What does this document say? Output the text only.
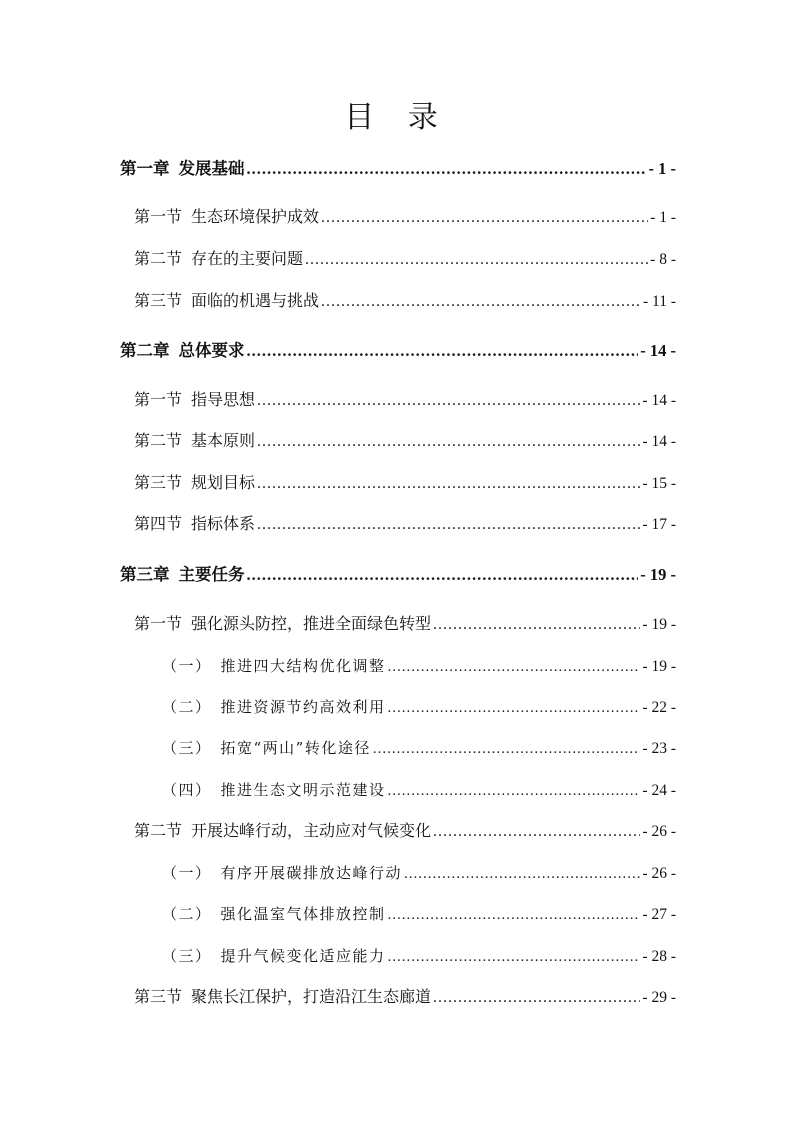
目 录
第一章 发展基础 .....	- 1 -
第一节 生态环境保护成效 .....	- 1 -
第二节 存在的主要问题 .....	- 8 -
第三节 面临的机遇与挑战 .....	- 11 -
第二章 总体要求 .....	- 14 -
第一节 指导思想 .....	- 14 -
第二节 基本原则 .....	- 14 -
第三节 规划目标 .....	- 15 -
第四节 指标体系 .....	- 17 -
第三章 主要任务 .....	- 19 -
第一节 强化源头防控，推进全面绿色转型 .....	- 19 -
（一） 推进四大结构优化调整 .....	- 19 -
（二） 推进资源节约高效利用 .....	- 22 -
（三） 拓宽“两山”转化途径 .....	- 23 -
（四） 推进生态文明示范建设 .....	- 24 -
第二节 开展达峰行动，主动应对气候变化 .....	- 26 -
（一） 有序开展碳排放达峰行动 .....	- 26 -
（二） 强化温室气体排放控制 .....	- 27 -
（三） 提升气候变化适应能力 .....	- 28 -
第三节 聚焦长江保护，打造沿江生态廊道 .....	- 29 -
